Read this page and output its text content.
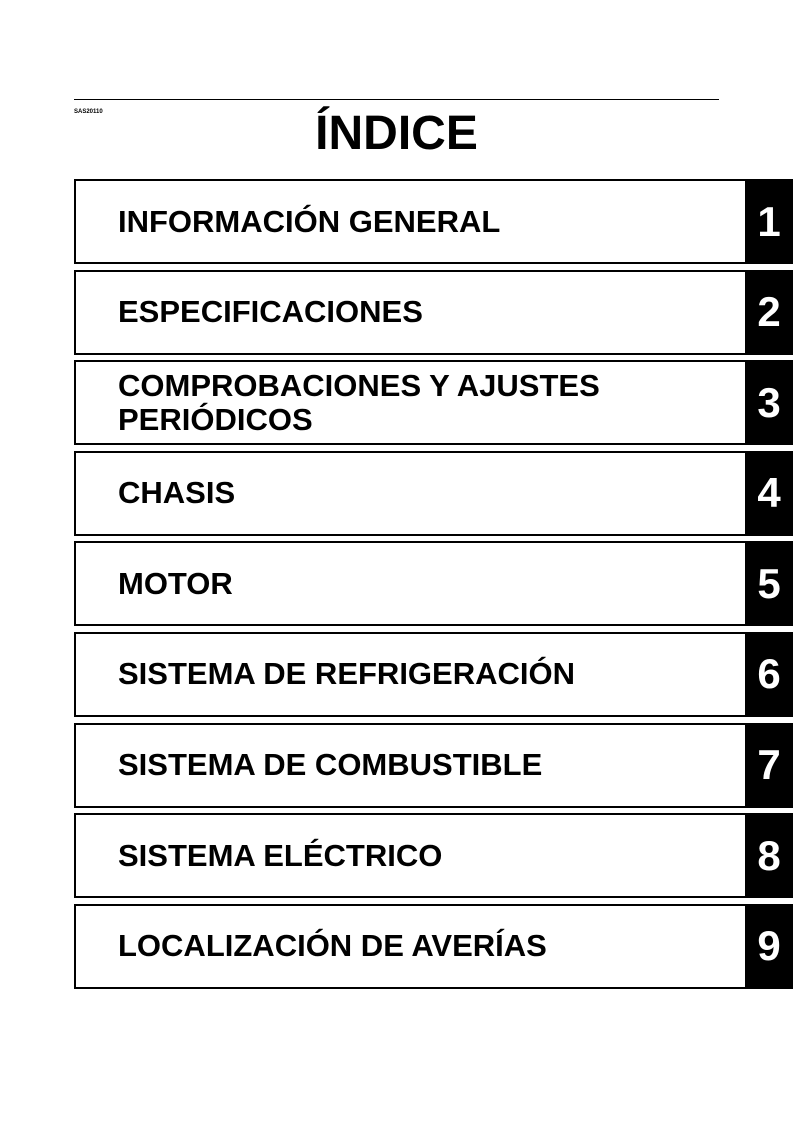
SAS20110	ÍNDICE
INFORMACIÓN GENERAL	1
ESPECIFICACIONES	2
COMPROBACIONES Y AJUSTES
PERIÓDICOS	3
CHASIS	4
MOTOR	5
SISTEMA DE REFRIGERACIÓN	6
SISTEMA DE COMBUSTIBLE	7
SISTEMA ELÉCTRICO	8
LOCALIZACIÓN DE AVERÍAS	9
